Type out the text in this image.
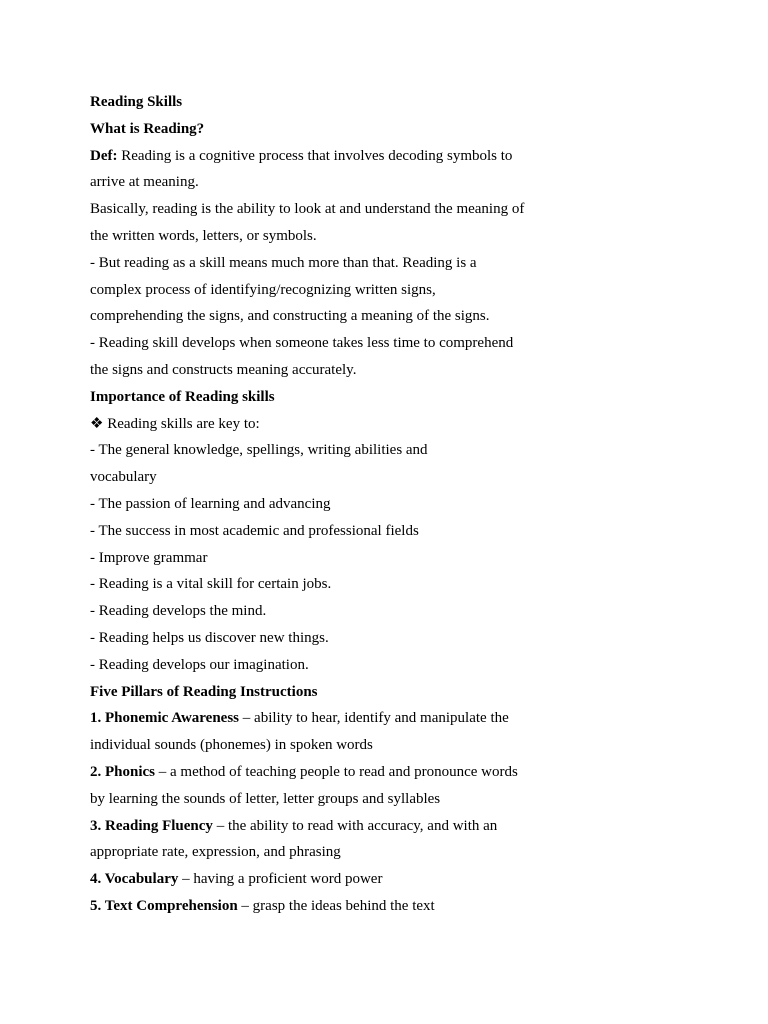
Reading Skills
What is Reading?
Def: Reading is a cognitive process that involves decoding symbols to
arrive at meaning.
Basically, reading is the ability to look at and understand the meaning of
the written words, letters, or symbols.
- But reading as a skill means much more than that. Reading is a
complex process of identifying/recognizing written signs,
comprehending the signs, and constructing a meaning of the signs.
- Reading skill develops when someone takes less time to comprehend
the signs and constructs meaning accurately.
Importance of Reading skills
❖ Reading skills are key to:
- The general knowledge, spellings, writing abilities and
vocabulary
- The passion of learning and advancing
- The success in most academic and professional fields
- Improve grammar
- Reading is a vital skill for certain jobs.
- Reading develops the mind.
- Reading helps us discover new things.
- Reading develops our imagination.
Five Pillars of Reading Instructions
1. Phonemic Awareness – ability to hear, identify and manipulate the
individual sounds (phonemes) in spoken words
2. Phonics – a method of teaching people to read and pronounce words
by learning the sounds of letter, letter groups and syllables
3. Reading Fluency – the ability to read with accuracy, and with an
appropriate rate, expression, and phrasing
4. Vocabulary – having a proficient word power
5. Text Comprehension – grasp the ideas behind the text
